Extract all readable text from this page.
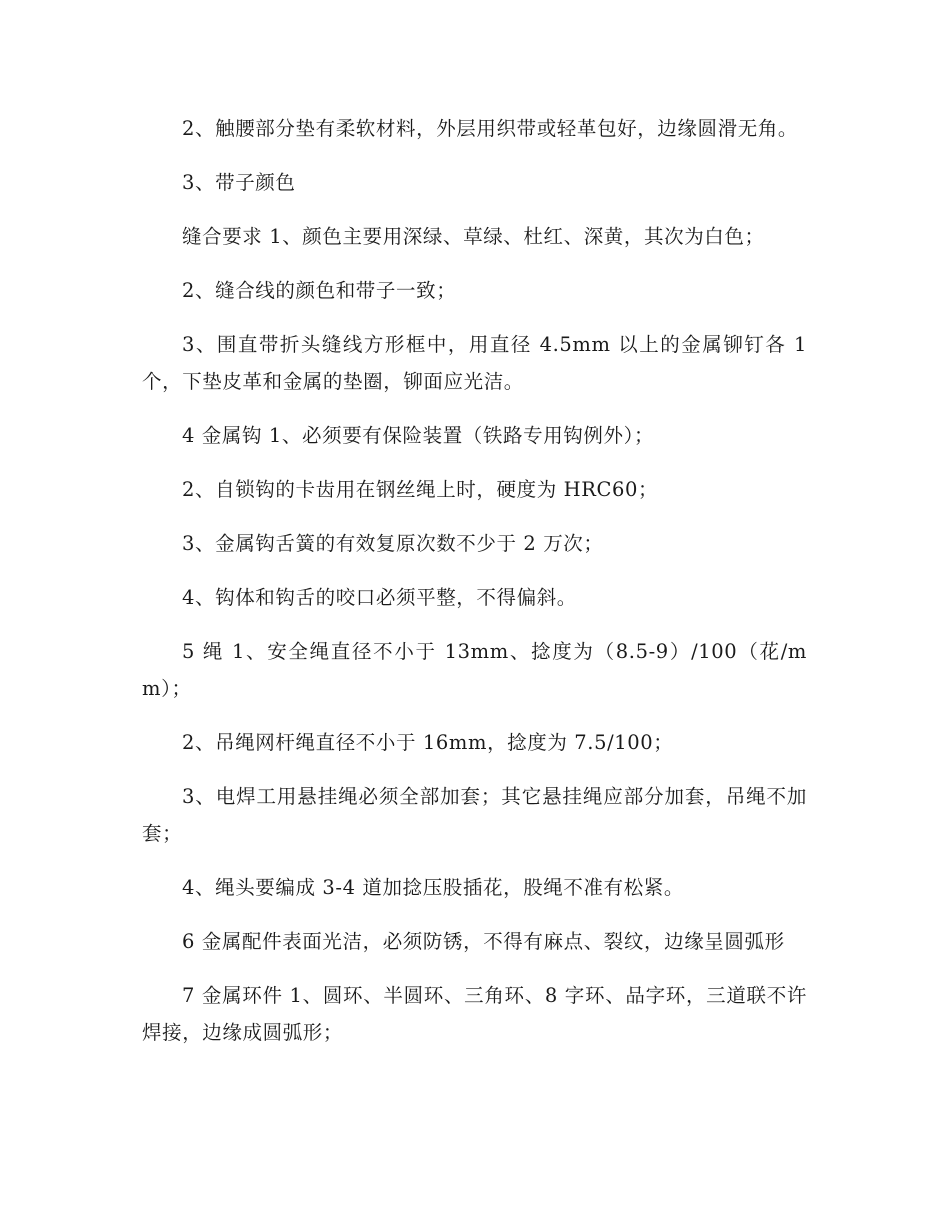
2、触腰部分垫有柔软材料，外层用织带或轻革包好，边缘圆滑无角。

3、带子颜色

缝合要求 1、颜色主要用深绿、草绿、杜红、深黄，其次为白色；

2、缝合线的颜色和带子一致；

3、围直带折头缝线方形框中，用直径 4.5mm 以上的金属铆钉各 1 个，下垫皮革和金属的垫圈，铆面应光洁。

4 金属钩 1、必须要有保险装置（铁路专用钩例外）；

2、自锁钩的卡齿用在钢丝绳上时，硬度为 HRC60；

3、金属钩舌簧的有效复原次数不少于 2 万次；

4、钩体和钩舌的咬口必须平整，不得偏斜。

5 绳 1、安全绳直径不小于 13mm、捻度为（8.5-9）/100（花/mm）；

2、吊绳网杆绳直径不小于 16mm，捻度为 7.5/100；

3、电焊工用悬挂绳必须全部加套；其它悬挂绳应部分加套，吊绳不加套；

4、绳头要编成 3-4 道加捻压股插花，股绳不准有松紧。

6 金属配件表面光洁，必须防锈，不得有麻点、裂纹，边缘呈圆弧形

7 金属环件 1、圆环、半圆环、三角环、8 字环、品字环，三道联不许焊接，边缘成圆弧形；
